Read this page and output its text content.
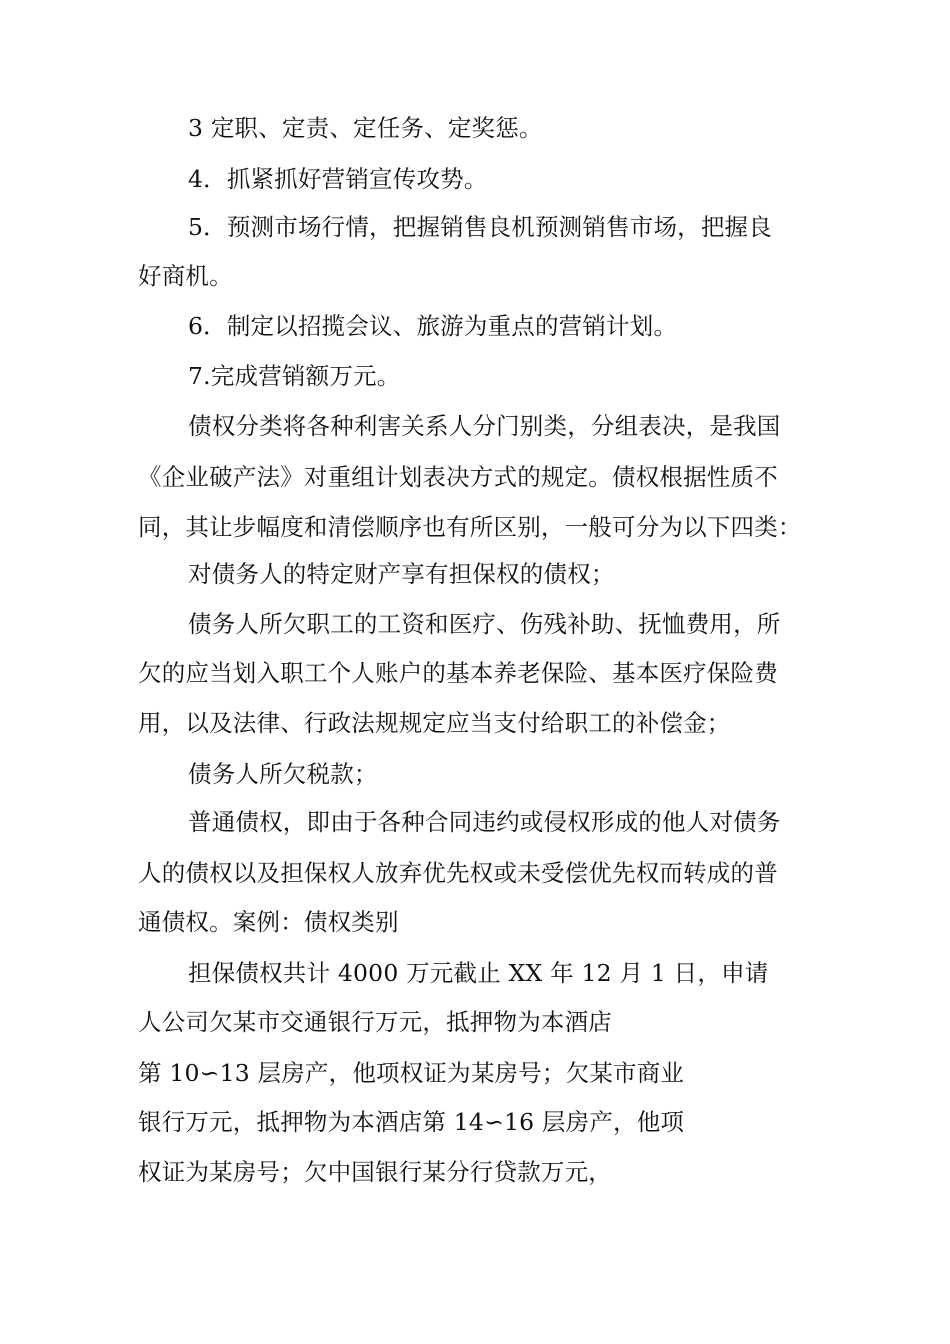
3 定职、定责、定任务、定奖惩。
4．抓紧抓好营销宣传攻势。
5．预测市场行情，把握销售良机预测销售市场，把握良
好商机。
6．制定以招揽会议、旅游为重点的营销计划。
7.完成营销额万元。
债权分类将各种利害关系人分门别类，分组表决，是我国
《企业破产法》对重组计划表决方式的规定。债权根据性质不
同，其让步幅度和清偿顺序也有所区别，一般可分为以下四类：
对债务人的特定财产享有担保权的债权；
债务人所欠职工的工资和医疗、伤残补助、抚恤费用，所
欠的应当划入职工个人账户的基本养老保险、基本医疗保险费
用，以及法律、行政法规规定应当支付给职工的补偿金；
债务人所欠税款；
普通债权，即由于各种合同违约或侵权形成的他人对债务
人的债权以及担保权人放弃优先权或未受偿优先权而转成的普
通债权。案例：债权类别
担保债权共计 4000 万元截止 XX 年 12 月 1 日，申请
人公司欠某市交通银行万元，抵押物为本酒店
第 10∽13 层房产，他项权证为某房号；欠某市商业
银行万元，抵押物为本酒店第 14∽16 层房产，他项
权证为某房号；欠中国银行某分行贷款万元，
